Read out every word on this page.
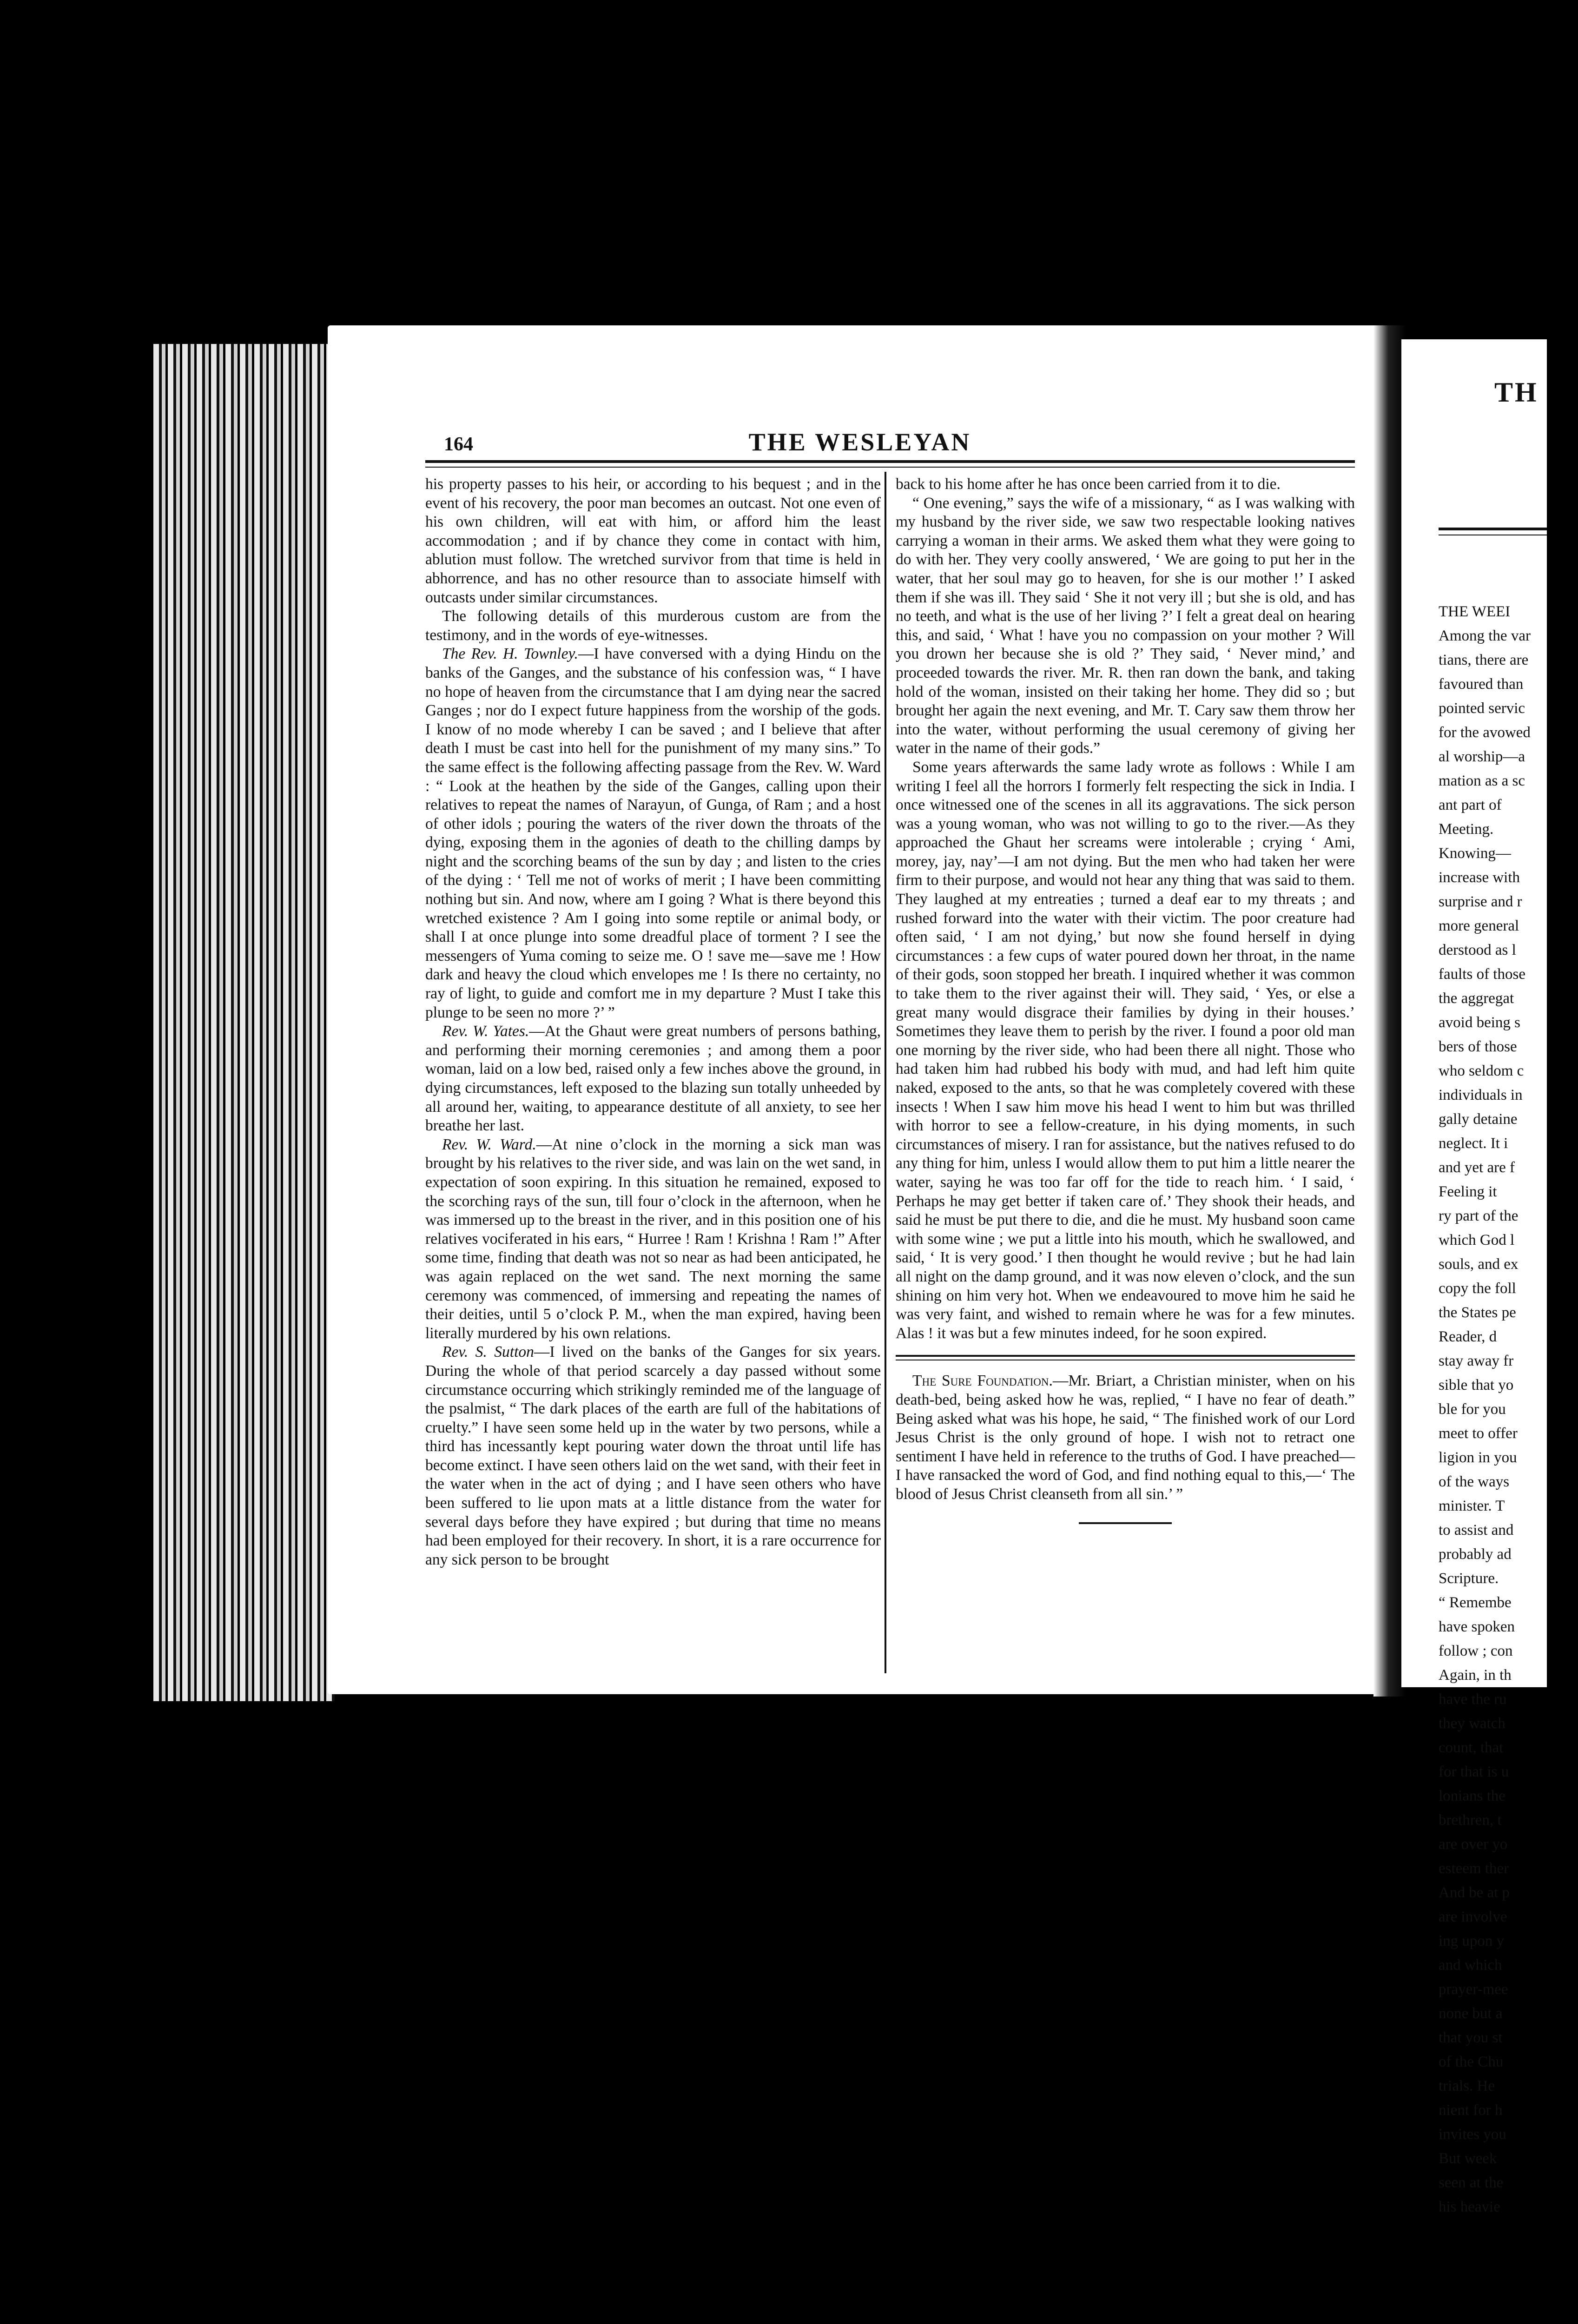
164	THE WESLEYAN

his property passes to his heir, or according to his bequest ; and in the event of his recovery, the poor man becomes an outcast. Not one even of his own children, will eat with him, or afford him the least accommodation ; and if by chance they come in contact with him, ablution must follow. The wretched survivor from that time is held in abhorrence, and has no other resource than to associate himself with outcasts under similar circumstances.

The following details of this murderous custom are from the testimony, and in the words of eye-witnesses.

The Rev. H. Townley.—I have conversed with a dying Hindu on the banks of the Ganges, and the substance of his confession was, “ I have no hope of heaven from the circumstance that I am dying near the sacred Ganges ; nor do I expect future happiness from the worship of the gods. I know of no mode whereby I can be saved ; and I believe that after death I must be cast into hell for the punishment of my many sins.” To the same effect is the following affecting passage from the Rev. W. Ward : “ Look at the heathen by the side of the Ganges, calling upon their relatives to repeat the names of Narayun, of Gunga, of Ram ; and a host of other idols ; pouring the waters of the river down the throats of the dying, exposing them in the agonies of death to the chilling damps by night and the scorching beams of the sun by day ; and listen to the cries of the dying : ‘ Tell me not of works of merit ; I have been committing nothing but sin. And now, where am I going ? What is there beyond this wretched existence ? Am I going into some reptile or animal body, or shall I at once plunge into some dreadful place of torment ? I see the messengers of Yuma coming to seize me. O ! save me—save me ! How dark and heavy the cloud which envelopes me ! Is there no certainty, no ray of light, to guide and comfort me in my departure ? Must I take this plunge to be seen no more ?’ ”

Rev. W. Yates.—At the Ghaut were great numbers of persons bathing, and performing their morning ceremonies ; and among them a poor woman, laid on a low bed, raised only a few inches above the ground, in dying circumstances, left exposed to the blazing sun totally unheeded by all around her, waiting, to appearance destitute of all anxiety, to see her breathe her last.

Rev. W. Ward.—At nine o’clock in the morning a sick man was brought by his relatives to the river side, and was lain on the wet sand, in expectation of soon expiring. In this situation he remained, exposed to the scorching rays of the sun, till four o’clock in the afternoon, when he was immersed up to the breast in the river, and in this position one of his relatives vociferated in his ears, “ Hurree ! Ram ! Krishna ! Ram !” After some time, finding that death was not so near as had been anticipated, he was again replaced on the wet sand. The next morning the same ceremony was commenced, of immersing and repeating the names of their deities, until 5 o’clock P. M., when the man expired, having been literally murdered by his own relations.

Rev. S. Sutton—I lived on the banks of the Ganges for six years. During the whole of that period scarcely a day passed without some circumstance occurring which strikingly reminded me of the language of the psalmist, “ The dark places of the earth are full of the habitations of cruelty.” I have seen some held up in the water by two persons, while a third has incessantly kept pouring water down the throat until life has become extinct. I have seen others laid on the wet sand, with their feet in the water when in the act of dying ; and I have seen others who have been suffered to lie upon mats at a little distance from the water for several days before they have expired ; but during that time no means had been employed for their recovery. In short, it is a rare occurrence for any sick person to be brought

back to his home after he has once been carried from it to die.

“ One evening,” says the wife of a missionary, “ as I was walking with my husband by the river side, we saw two respectable looking natives carrying a woman in their arms. We asked them what they were going to do with her. They very coolly answered, ‘ We are going to put her in the water, that her soul may go to heaven, for she is our mother !’ I asked them if she was ill. They said ‘ She it not very ill ; but she is old, and has no teeth, and what is the use of her living ?’ I felt a great deal on hearing this, and said, ‘ What ! have you no compassion on your mother ? Will you drown her because she is old ?’ They said, ‘ Never mind,’ and proceeded towards the river. Mr. R. then ran down the bank, and taking hold of the woman, insisted on their taking her home. They did so ; but brought her again the next evening, and Mr. T. Cary saw them throw her into the water, without performing the usual ceremony of giving her water in the name of their gods.”

Some years afterwards the same lady wrote as follows : While I am writing I feel all the horrors I formerly felt respecting the sick in India. I once witnessed one of the scenes in all its aggravations. The sick person was a young woman, who was not willing to go to the river.—As they approached the Ghaut her screams were intolerable ; crying ‘ Ami, morey, jay, nay’—I am not dying. But the men who had taken her were firm to their purpose, and would not hear any thing that was said to them. They laughed at my entreaties ; turned a deaf ear to my threats ; and rushed forward into the water with their victim. The poor creature had often said, ‘ I am not dying,’ but now she found herself in dying circumstances : a few cups of water poured down her throat, in the name of their gods, soon stopped her breath. I inquired whether it was common to take them to the river against their will. They said, ‘ Yes, or else a great many would disgrace their families by dying in their houses.’ Sometimes they leave them to perish by the river. I found a poor old man one morning by the river side, who had been there all night. Those who had taken him had rubbed his body with mud, and had left him quite naked, exposed to the ants, so that he was completely covered with these insects ! When I saw him move his head I went to him but was thrilled with horror to see a fellow-creature, in his dying moments, in such circumstances of misery. I ran for assistance, but the natives refused to do any thing for him, unless I would allow them to put him a little nearer the water, saying he was too far off for the tide to reach him. ‘ I said, ‘ Perhaps he may get better if taken care of.’ They shook their heads, and said he must be put there to die, and die he must. My husband soon came with some wine ; we put a little into his mouth, which he swallowed, and said, ‘ It is very good.’ I then thought he would revive ; but he had lain all night on the damp ground, and it was now eleven o’clock, and the sun shining on him very hot. When we endeavoured to move him he said he was very faint, and wished to remain where he was for a few minutes. Alas ! it was but a few minutes indeed, for he soon expired.

The Sure Foundation.—Mr. Briart, a Christian minister, when on his death-bed, being asked how he was, replied, “ I have no fear of death.” Being asked what was his hope, he said, “ The finished work of our Lord Jesus Christ is the only ground of hope. I wish not to retract one sentiment I have held in reference to the truths of God. I have preached—I have ransacked the word of God, and find nothing equal to this,—‘ The blood of Jesus Christ cleanseth from all sin.’ ”

TH
THE WEEI
Among the var
tians, there are
favoured than
pointed servic
for the avowed
al worship—a
mation as a sc
ant part of
Meeting.
Knowing—
increase with
surprise and r
more general
derstood as l
faults of those
the aggregat
avoid being s
bers of those
who seldom c
individuals in
gally detaine
neglect. It i
and yet are f
Feeling it
ry part of the
which God l
souls, and ex
copy the foll
the States pe
Reader, d
stay away fr
sible that yo
ble for you
meet to offer
ligion in you
of the ways
minister. T
to assist and
probably ad
Scripture.
“ Remembe
have spoken
follow ; con
Again, in th
have the ru
they watch
count, that
for that is u
lonians the
brethren, t
are over yo
esteem ther
And be at p
are involve
ing upon y
and which
prayer-mee
none but a
that you st
of the Chu
trials. He
nient for h
invites you
But week
seen at the
his heavie
